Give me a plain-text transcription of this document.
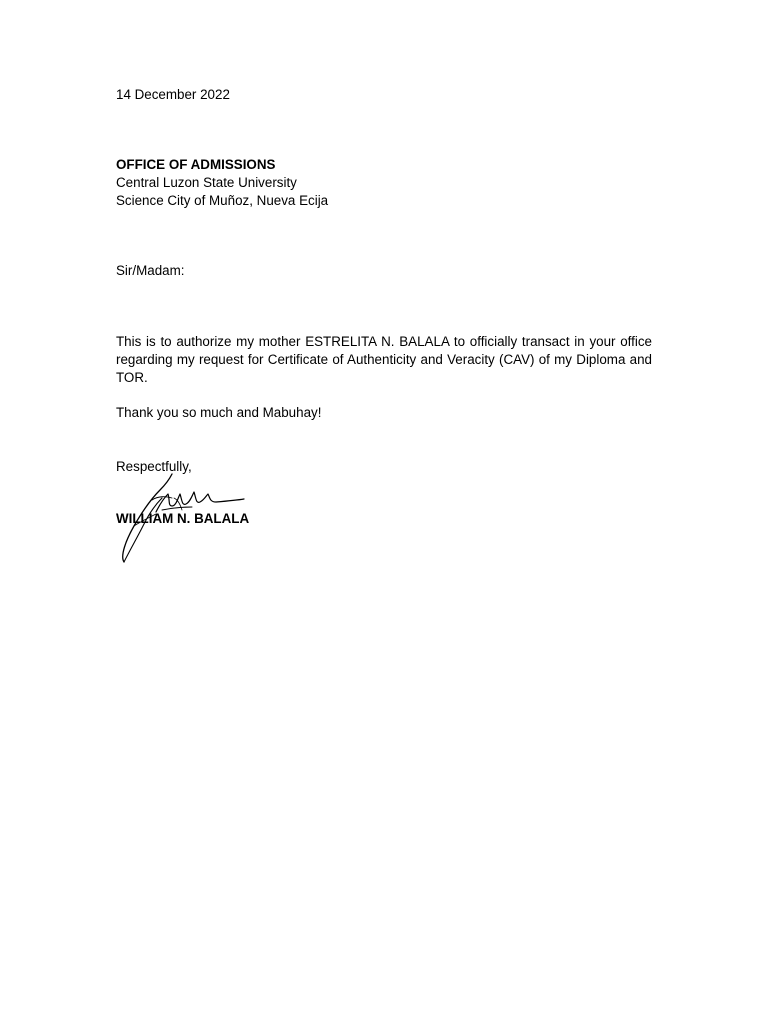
14 December 2022
OFFICE OF ADMISSIONS
Central Luzon State University
Science City of Muñoz, Nueva Ecija
Sir/Madam:
This is to authorize my mother ESTRELITA N. BALALA to officially transact in your office regarding my request for Certificate of Authenticity and Veracity (CAV) of my Diploma and TOR.
Thank you so much and Mabuhay!
Respectfully,
WILLIAM N. BALALA
